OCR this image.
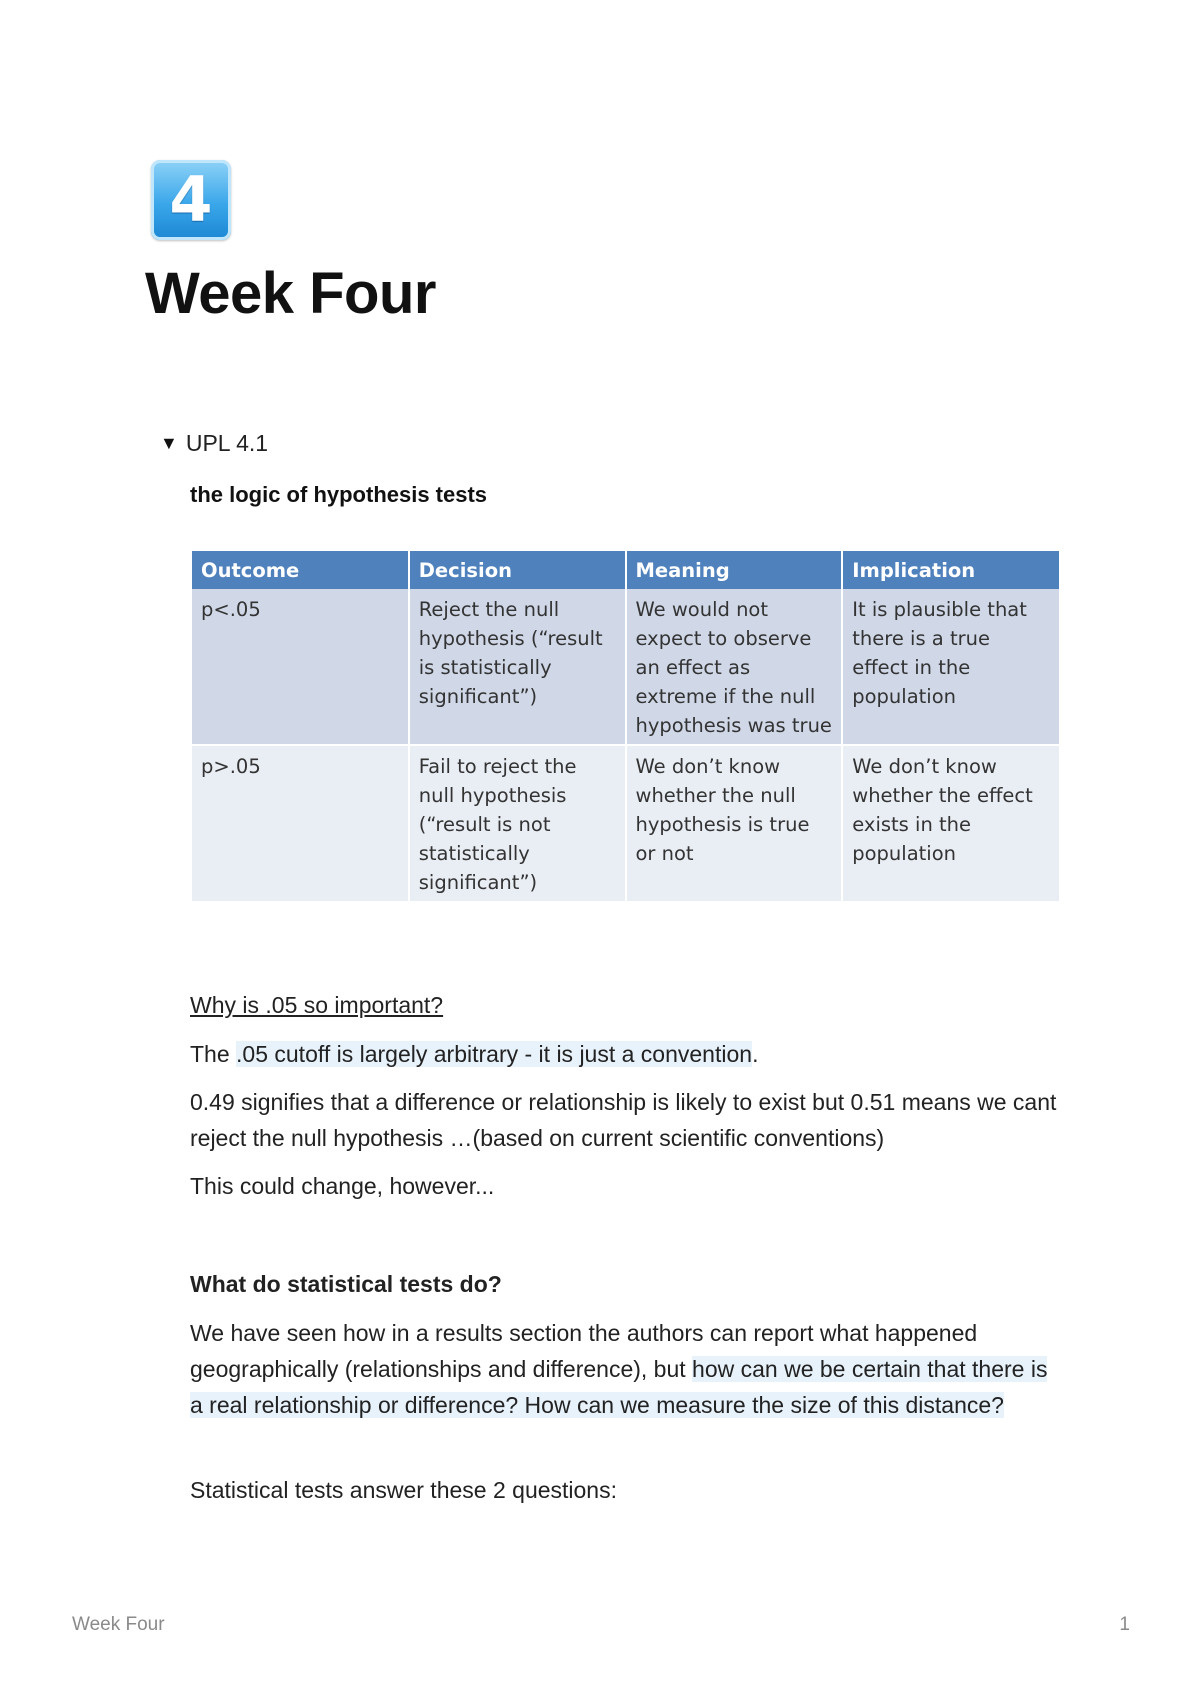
4
Week Four
▼ UPL 4.1
the logic of hypothesis tests
Outcome	Decision	Meaning	Implication
p<.05	Reject the null hypothesis (“result is statistically significant”)	We would not expect to observe an effect as extreme if the null hypothesis was true	It is plausible that there is a true effect in the population
p>.05	Fail to reject the null hypothesis (“result is not statistically significant”)	We don’t know whether the null hypothesis is true or not	We don’t know whether the effect exists in the population
Why is .05 so important?
The .05 cutoff is largely arbitrary - it is just a convention.
0.49 signifies that a difference or relationship is likely to exist but 0.51 means we cant reject the null hypothesis …(based on current scientific conventions)
This could change, however...
What do statistical tests do?
We have seen how in a results section the authors can report what happened geographically (relationships and difference), but how can we be certain that there is a real relationship or difference? How can we measure the size of this distance?
Statistical tests answer these 2 questions:
Week Four	1
